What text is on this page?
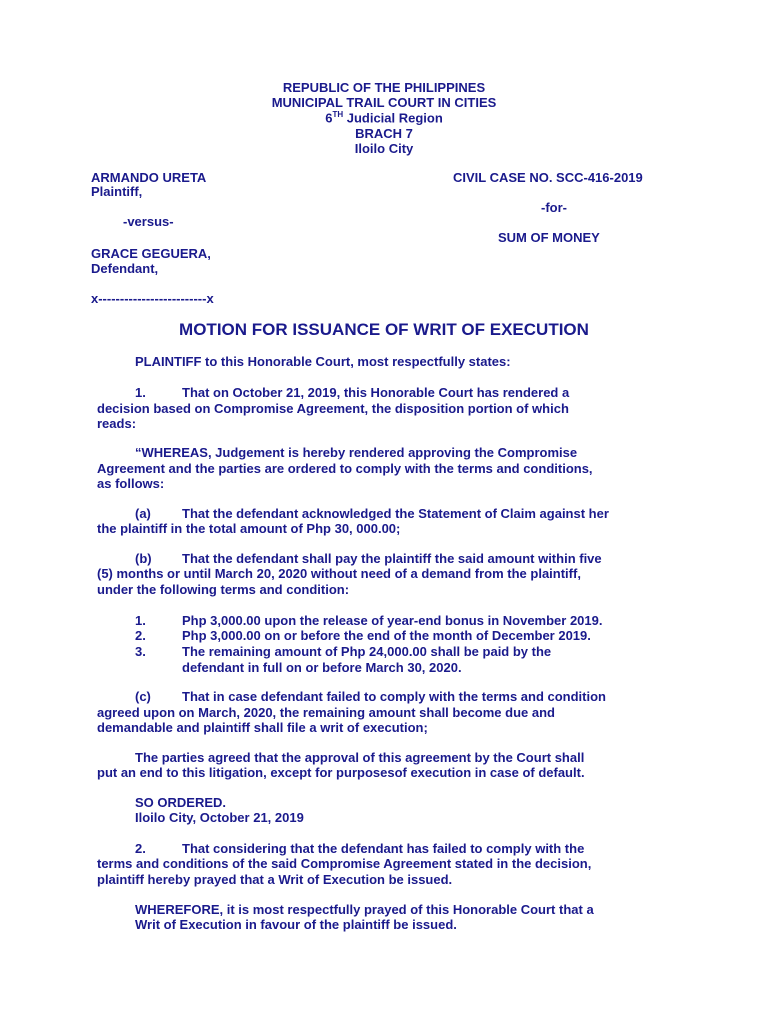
REPUBLIC OF THE PHILIPPINES
MUNICIPAL TRAIL COURT IN CITIES
6TH Judicial Region
BRACH 7
Iloilo City
ARMANDO URETA
Plaintiff,
-versus-
GRACE GEGUERA,
Defendant,
x-------------------------x
CIVIL CASE NO. SCC-416-2019
-for-
SUM OF MONEY
MOTION FOR ISSUANCE OF WRIT OF EXECUTION
PLAINTIFF to this Honorable Court, most respectfully states:
1.	That on October 21, 2019, this Honorable Court has rendered a
decision based on Compromise Agreement, the disposition portion of which
reads:
“WHEREAS, Judgement is hereby rendered approving the Compromise
Agreement and the parties are ordered to comply with the terms and conditions,
as follows:
(a) That the defendant acknowledged the Statement of Claim against her
the plaintiff in the total amount of Php 30, 000.00;
(b) That the defendant shall pay the plaintiff the said amount within five
(5) months or until March 20, 2020 without need of a demand from the plaintiff,
under the following terms and condition:
1.	Php 3,000.00 upon the release of year-end bonus in November 2019.
2.	Php 3,000.00 on or before the end of the month of December 2019.
3.	The remaining amount of Php 24,000.00 shall be paid by the
defendant in full on or before March 30, 2020.
(c) That in case defendant failed to comply with the terms and condition
agreed upon on March, 2020, the remaining amount shall become due and
demandable and plaintiff shall file a writ of execution;
The parties agreed that the approval of this agreement by the Court shall
put an end to this litigation, except for purposesof execution in case of default.
SO ORDERED.
Iloilo City, October 21, 2019
2.	That considering that the defendant has failed to comply with the
terms and conditions of the said Compromise Agreement stated in the decision,
plaintiff hereby prayed that a Writ of Execution be issued.
WHEREFORE, it is most respectfully prayed of this Honorable Court that a
Writ of Execution in favour of the plaintiff be issued.
